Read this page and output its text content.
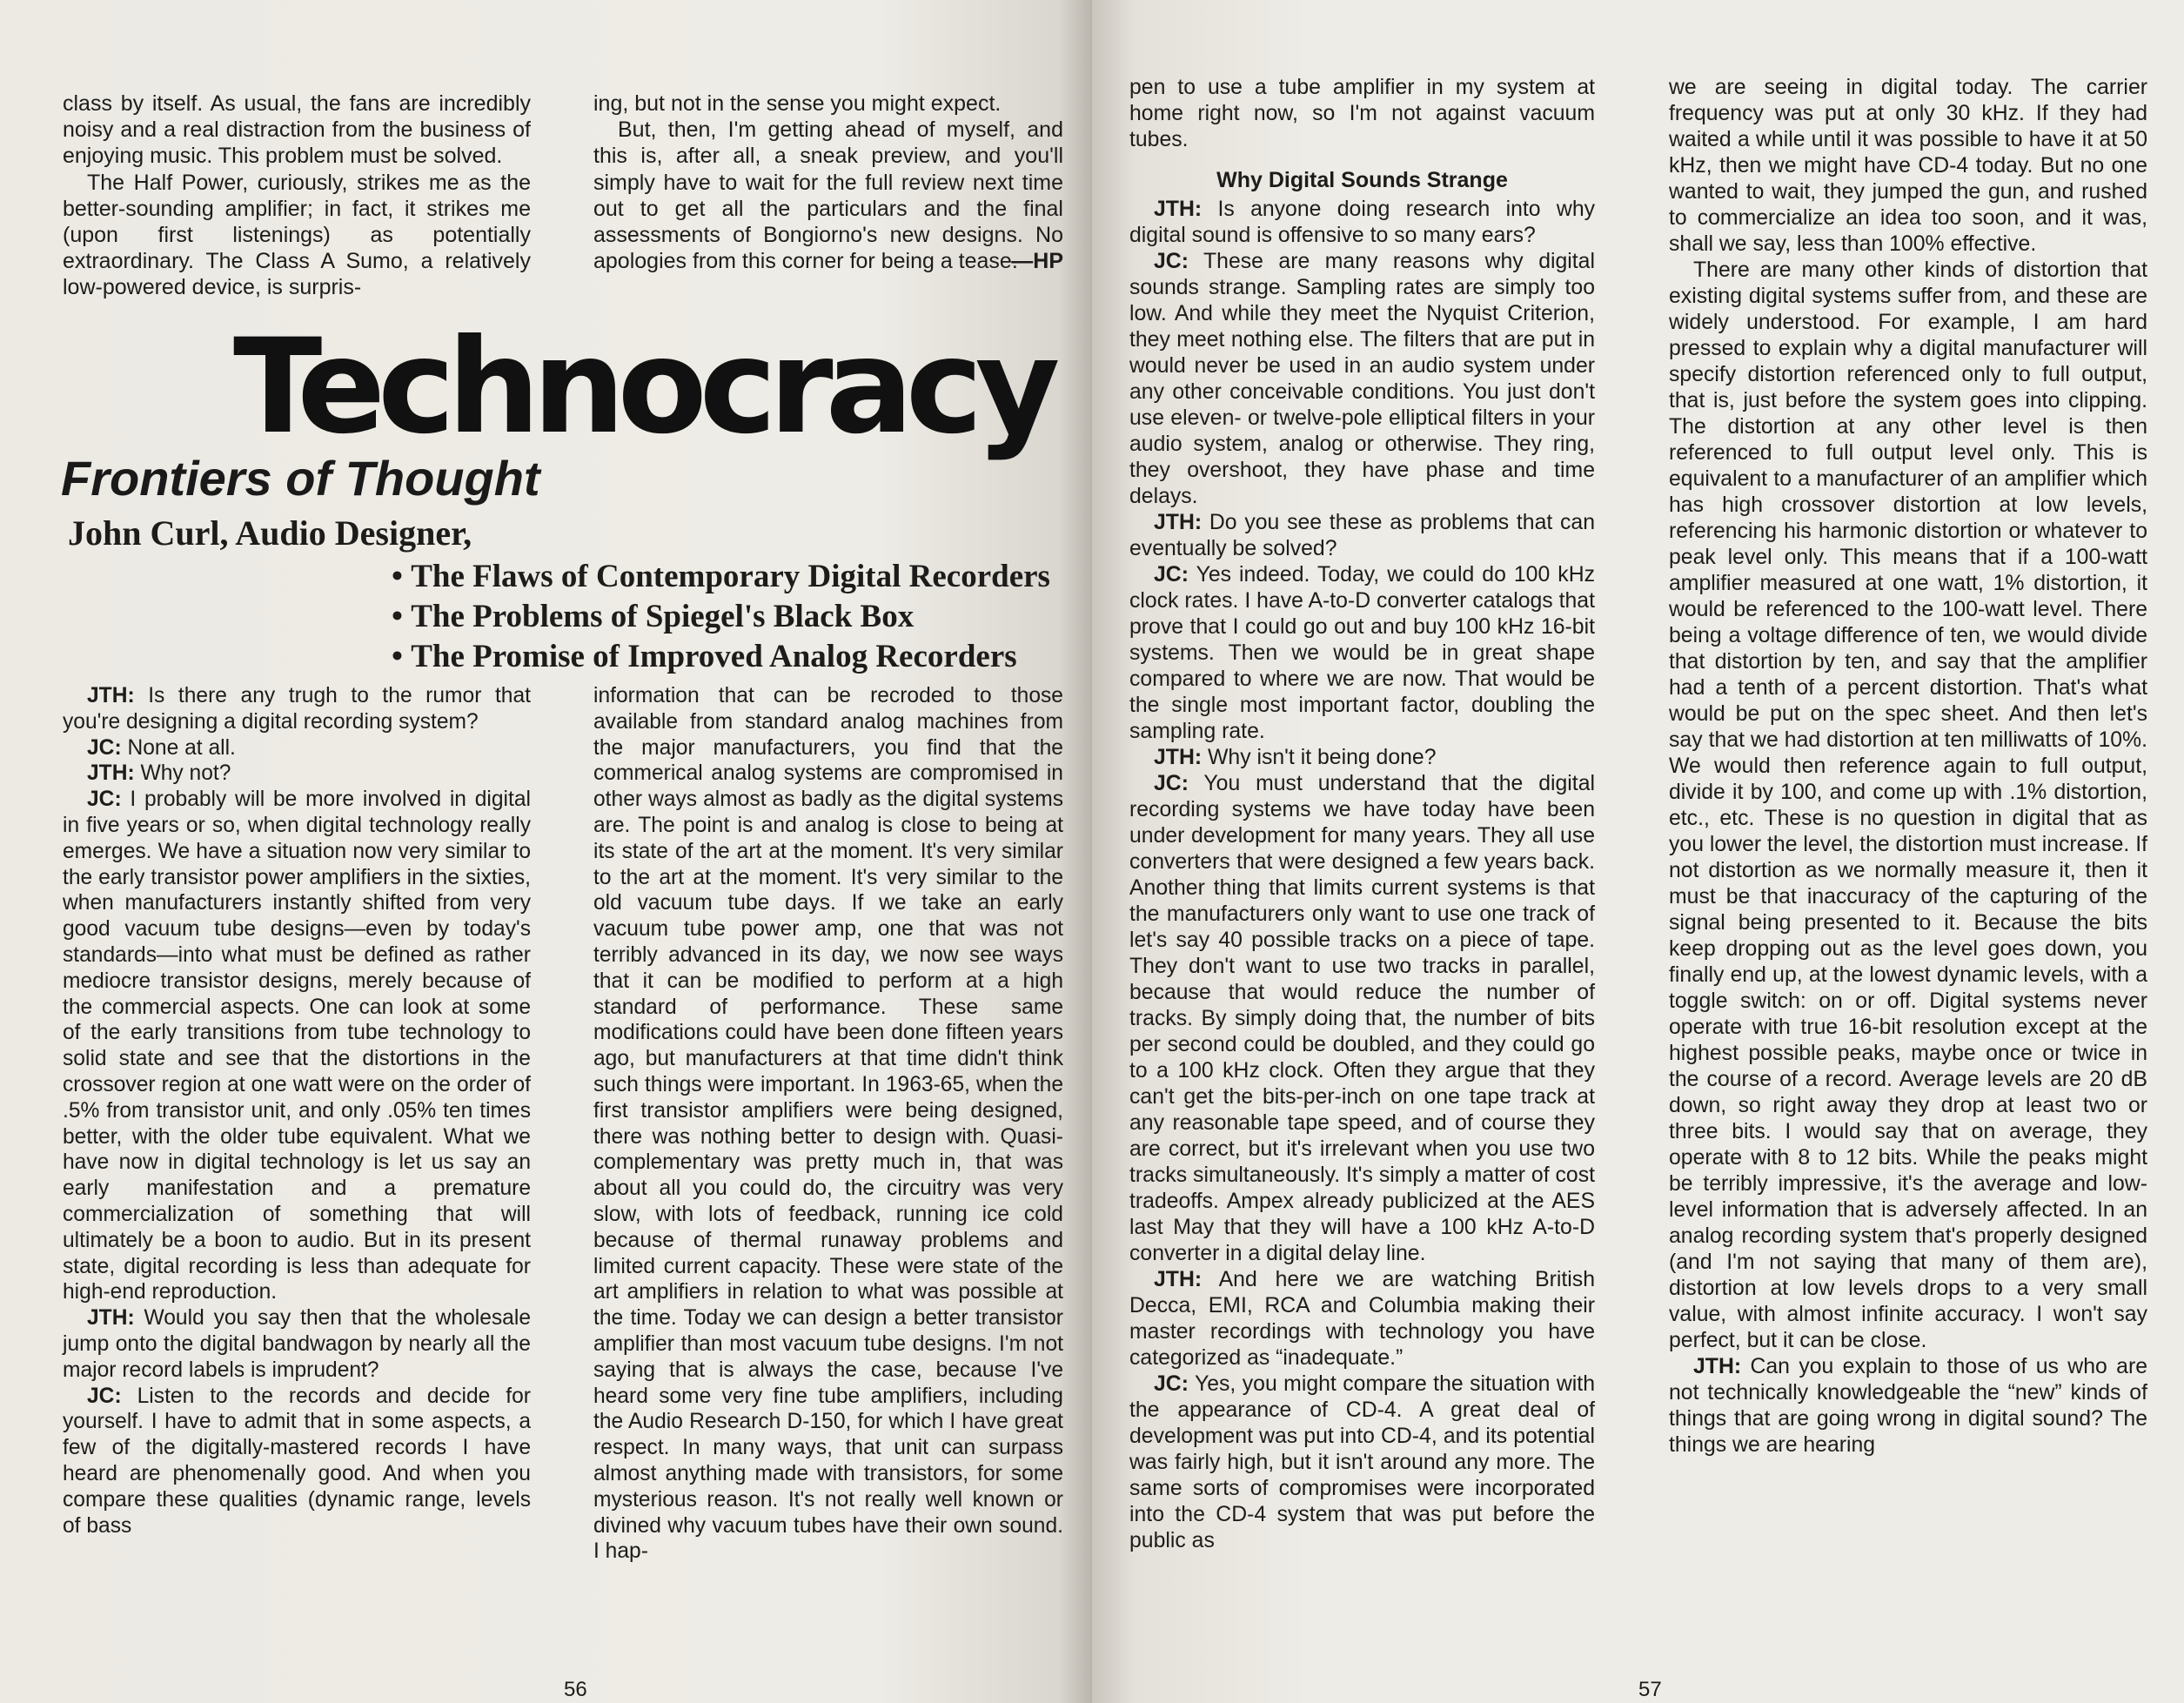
class by itself. As usual, the fans are incredibly noisy and a real distraction from the business of enjoying music. This problem must be solved.

The Half Power, curiously, strikes me as the better-sounding amplifier; in fact, it strikes me (upon first listenings) as potentially extraordinary. The Class A Sumo, a relatively low-powered device, is surpris-

ing, but not in the sense you might expect.

But, then, I'm getting ahead of myself, and this is, after all, a sneak preview, and you'll simply have to wait for the full review next time out to get all the particulars and the final assessments of Bongiorno's new designs. No apologies from this corner for being a tease.

—HP
Technocracy
Frontiers of Thought
John Curl, Audio Designer,
• The Flaws of Contemporary Digital Recorders
• The Problems of Spiegel's Black Box
• The Promise of Improved Analog Recorders

JTH: Is there any trugh to the rumor that you're designing a digital recording system?

JC: None at all.

JTH: Why not?

JC: I probably will be more involved in digital in five years or so, when digital technology really emerges. We have a situation now very similar to the early transistor power amplifiers in the sixties, when manufacturers instantly shifted from very good vacuum tube designs—even by today's standards—into what must be defined as rather mediocre transistor designs, merely because of the commercial aspects. One can look at some of the early transitions from tube technology to solid state and see that the distortions in the crossover region at one watt were on the order of .5% from transistor unit, and only .05% ten times better, with the older tube equivalent. What we have now in digital technology is let us say an early manifestation and a premature commercialization of something that will ultimately be a boon to audio. But in its present state, digital recording is less than adequate for high-end reproduction.

JTH: Would you say then that the wholesale jump onto the digital bandwagon by nearly all the major record labels is imprudent?

JC: Listen to the records and decide for yourself. I have to admit that in some aspects, a few of the digitally-mastered records I have heard are phenomenally good. And when you compare these qualities (dynamic range, levels of bass

information that can be recroded to those available from standard analog machines from the major manufacturers, you find that the commerical analog systems are compromised in other ways almost as badly as the digital systems are. The point is and analog is close to being at its state of the art at the moment. It's very similar to the art at the moment. It's very similar to the old vacuum tube days. If we take an early vacuum tube power amp, one that was not terribly advanced in its day, we now see ways that it can be modified to perform at a high standard of performance. These same modifications could have been done fifteen years ago, but manufacturers at that time didn't think such things were important. In 1963-65, when the first transistor amplifiers were being designed, there was nothing better to design with. Quasi-complementary was pretty much in, that was about all you could do, the circuitry was very slow, with lots of feedback, running ice cold because of thermal runaway problems and limited current capacity. These were state of the art amplifiers in relation to what was possible at the time. Today we can design a better transistor amplifier than most vacuum tube designs. I'm not saying that is always the case, because I've heard some very fine tube amplifiers, including the Audio Research D-150, for which I have great respect. In many ways, that unit can surpass almost anything made with transistors, for some mysterious reason. It's not really well known or divined why vacuum tubes have their own sound. I hap-

56

pen to use a tube amplifier in my system at home right now, so I'm not against vacuum tubes.

Why Digital Sounds Strange

JTH: Is anyone doing research into why digital sound is offensive to so many ears?

JC: These are many reasons why digital sounds strange. Sampling rates are simply too low. And while they meet the Nyquist Criterion, they meet nothing else. The filters that are put in would never be used in an audio system under any other conceivable conditions. You just don't use eleven- or twelve-pole elliptical filters in your audio system, analog or otherwise. They ring, they overshoot, they have phase and time delays.

JTH: Do you see these as problems that can eventually be solved?

JC: Yes indeed. Today, we could do 100 kHz clock rates. I have A-to-D converter catalogs that prove that I could go out and buy 100 kHz 16-bit systems. Then we would be in great shape compared to where we are now. That would be the single most important factor, doubling the sampling rate.

JTH: Why isn't it being done?

JC: You must understand that the digital recording systems we have today have been under development for many years. They all use converters that were designed a few years back. Another thing that limits current systems is that the manufacturers only want to use one track of let's say 40 possible tracks on a piece of tape. They don't want to use two tracks in parallel, because that would reduce the number of tracks. By simply doing that, the number of bits per second could be doubled, and they could go to a 100 kHz clock. Often they argue that they can't get the bits-per-inch on one tape track at any reasonable tape speed, and of course they are correct, but it's irrelevant when you use two tracks simultaneously. It's simply a matter of cost tradeoffs. Ampex already publicized at the AES last May that they will have a 100 kHz A-to-D converter in a digital delay line.

JTH: And here we are watching British Decca, EMI, RCA and Columbia making their master recordings with technology you have categorized as “inadequate.”

JC: Yes, you might compare the situation with the appearance of CD-4. A great deal of development was put into CD-4, and its potential was fairly high, but it isn't around any more. The same sorts of compromises were incorporated into the CD-4 system that was put before the public as

we are seeing in digital today. The carrier frequency was put at only 30 kHz. If they had waited a while until it was possible to have it at 50 kHz, then we might have CD-4 today. But no one wanted to wait, they jumped the gun, and rushed to commercialize an idea too soon, and it was, shall we say, less than 100% effective.

There are many other kinds of distortion that existing digital systems suffer from, and these are widely understood. For example, I am hard pressed to explain why a digital manufacturer will specify distortion referenced only to full output, that is, just before the system goes into clipping. The distortion at any other level is then referenced to full output level only. This is equivalent to a manufacturer of an amplifier which has high crossover distortion at low levels, referencing his harmonic distortion or whatever to peak level only. This means that if a 100-watt amplifier measured at one watt, 1% distortion, it would be referenced to the 100-watt level. There being a voltage difference of ten, we would divide that distortion by ten, and say that the amplifier had a tenth of a percent distortion. That's what would be put on the spec sheet. And then let's say that we had distortion at ten milliwatts of 10%. We would then reference again to full output, divide it by 100, and come up with .1% distortion, etc., etc. These is no question in digital that as you lower the level, the distortion must increase. If not distortion as we normally measure it, then it must be that inaccuracy of the capturing of the signal being presented to it. Because the bits keep dropping out as the level goes down, you finally end up, at the lowest dynamic levels, with a toggle switch: on or off. Digital systems never operate with true 16-bit resolution except at the highest possible peaks, maybe once or twice in the course of a record. Average levels are 20 dB down, so right away they drop at least two or three bits. I would say that on average, they operate with 8 to 12 bits. While the peaks might be terribly impressive, it's the average and low-level information that is adversely affected. In an analog recording system that's properly designed (and I'm not saying that many of them are), distortion at low levels drops to a very small value, with almost infinite accuracy. I won't say perfect, but it can be close.

JTH: Can you explain to those of us who are not technically knowledgeable the “new” kinds of things that are going wrong in digital sound? The things we are hearing

57
